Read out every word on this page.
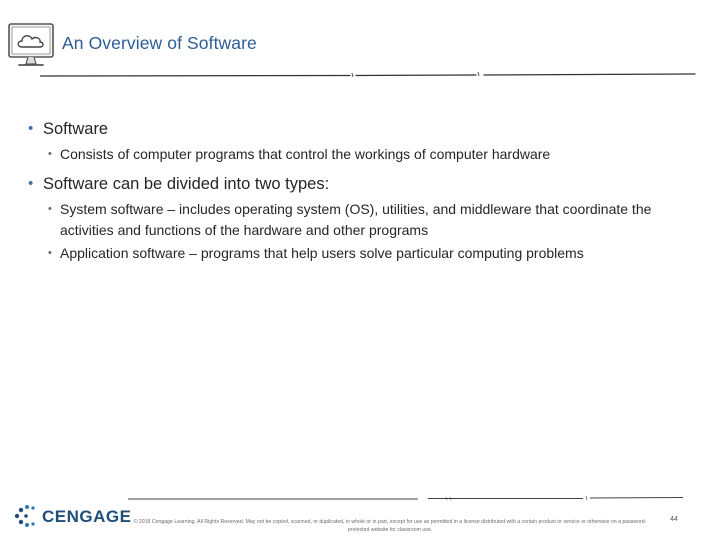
An Overview of Software
• Software
• Consists of computer programs that control the workings of computer hardware
• Software can be divided into two types:
• System software – includes operating system (OS), utilities, and middleware that coordinate the activities and functions of the hardware and other programs
• Application software – programs that help users solve particular computing problems
CENGAGE © 2018 Cengage Learning. All Rights Reserved. May not be copied, scanned, or duplicated, in whole or in part, except for use as permitted in a license distributed with a certain product or service or otherwise on a password-protected website for classroom use.
44
